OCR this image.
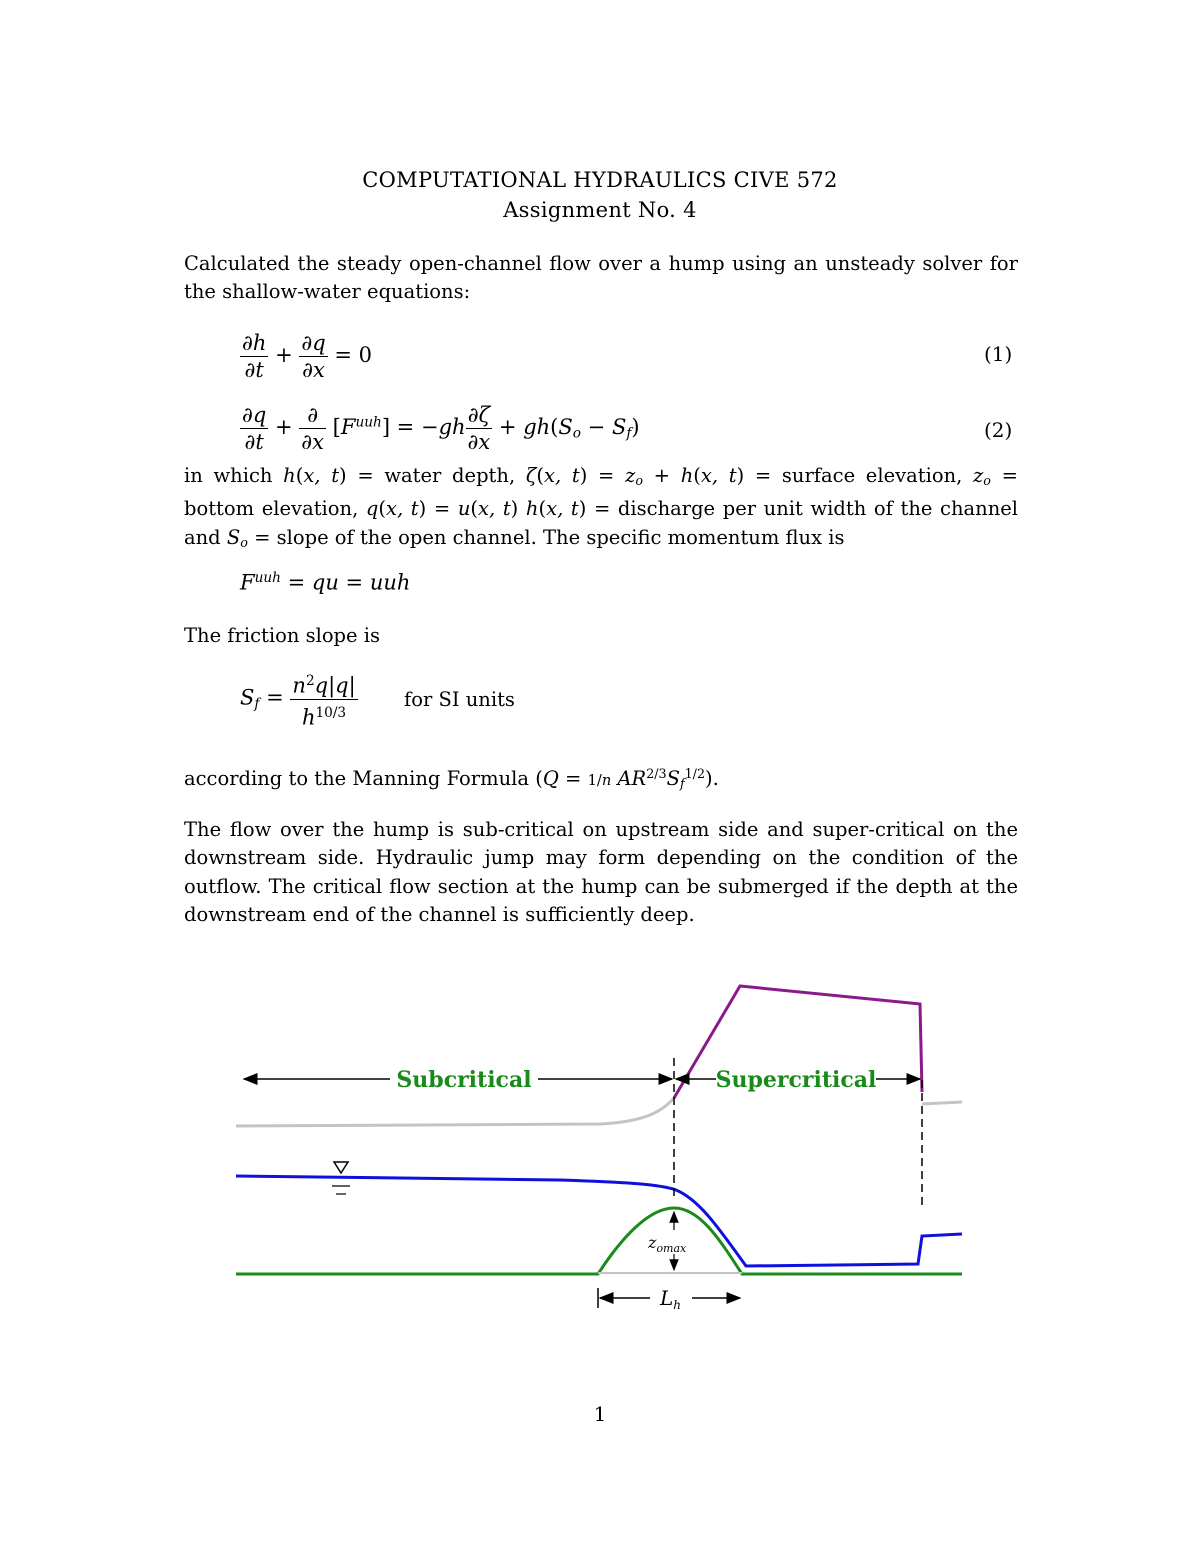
COMPUTATIONAL HYDRAULICS CIVE 572
Assignment No. 4
Calculated the steady open-channel flow over a hump using an unsteady solver for
the shallow-water equations:
$\frac{\partial h}{\partial t} + \frac{\partial q}{\partial x} = 0$	(1)
$\frac{\partial q}{\partial t} + \frac{\partial}{\partial x} [F^{uuh}] = -gh \frac{\partial\zeta}{\partial x} + gh(S_o - S_f)$	(2)
in which h(x, t) = water depth, ζ(x, $t) = z_o + h(x$, t) = surface elevation, $z_o$ =
bottom elevation, q(x, t) = u(x, t) h(x, t) = discharge per unit width of the channel
and $S_o$ = slope of the open channel. The specific momentum flux is
$F^{uuh}$ = qu = uuh
The friction slope is
$S_f = \frac{n^2q|q|}{h^{10/3}}$ for SI units
according to the Manning Formula (Q = 1/n $AR^{2/3}S_f^{1/2}$).
The flow over the hump is sub-critical on upstream side and super-critical on the
downstream side. Hydraulic jump may form depending on the condition of the
outflow. The critical flow section at the hump can be submerged if the depth at the
downstream end of the channel is sufficiently deep.
Subcritical	Supercritical
$z_{omax}$
$L_h$
1
